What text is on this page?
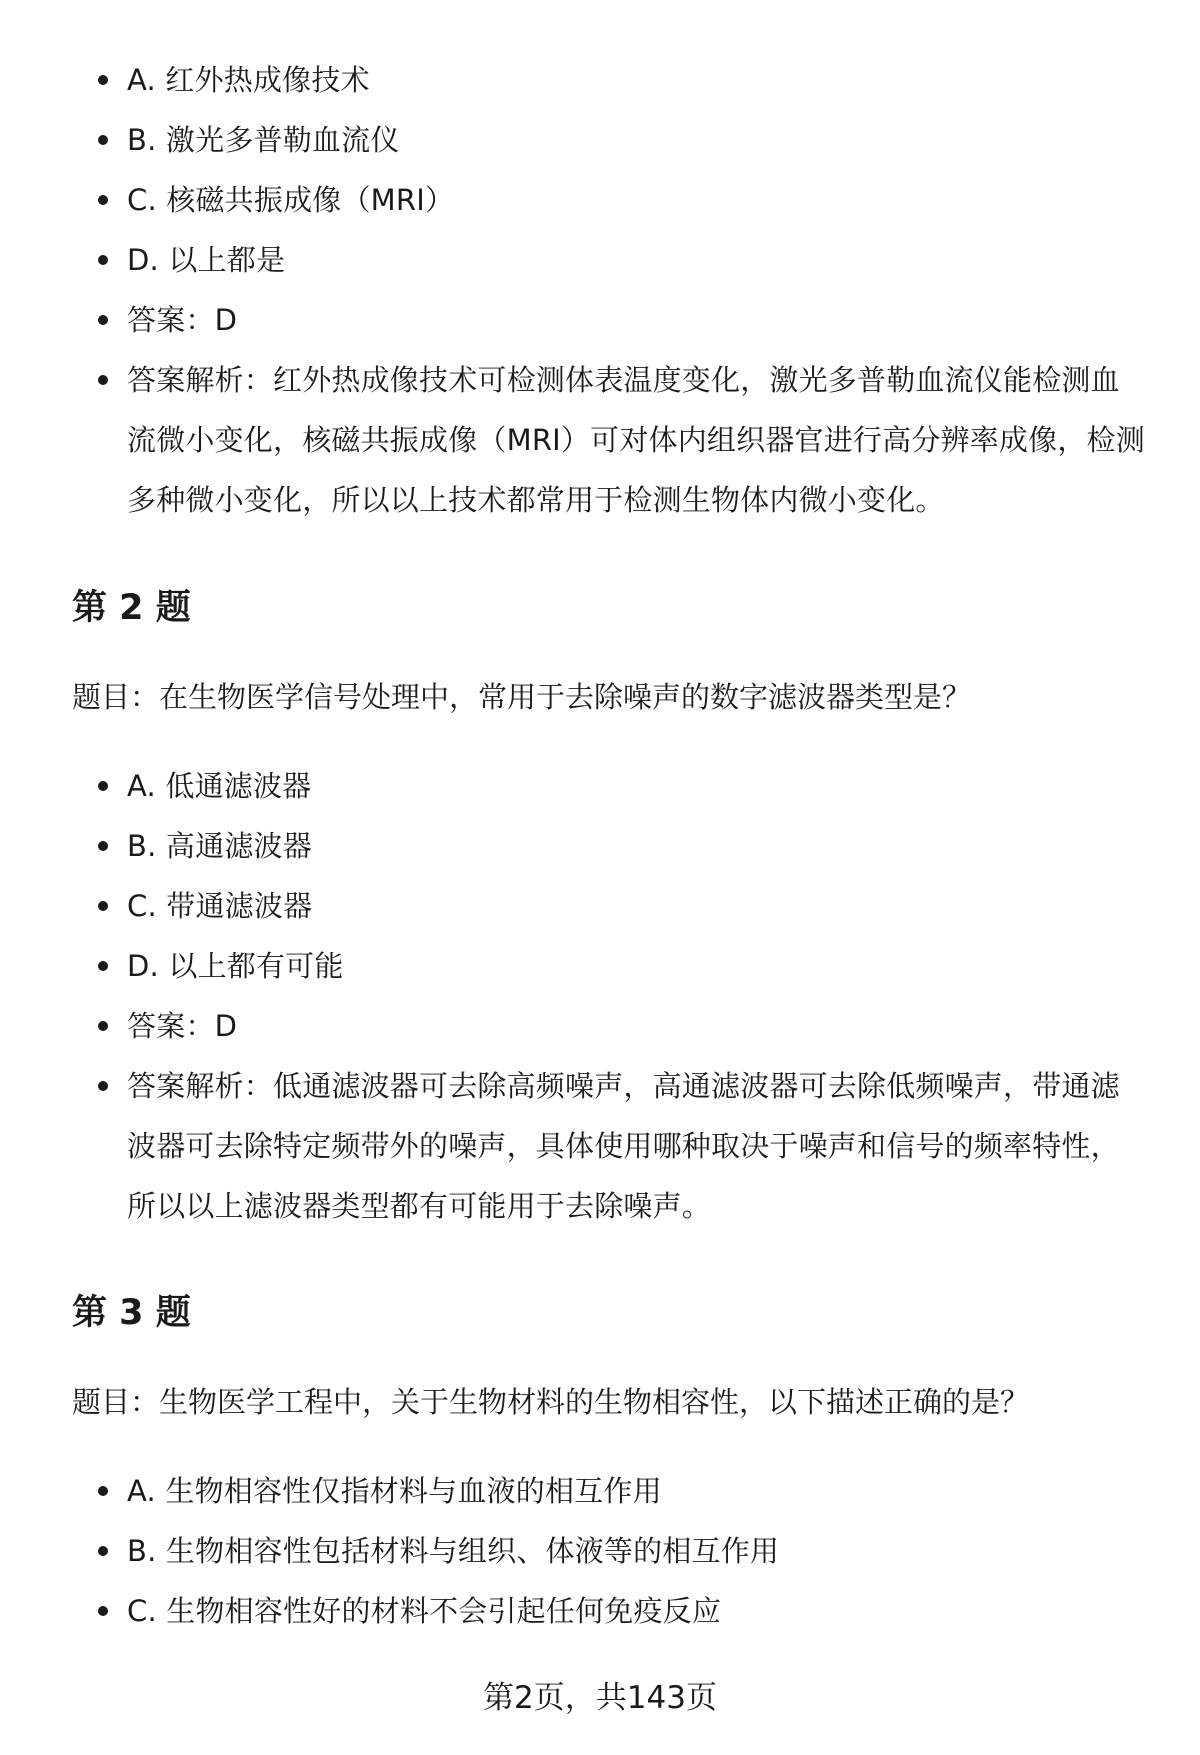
A. 红外热成像技术
B. 激光多普勒血流仪
C. 核磁共振成像（MRI）
D. 以上都是
答案：D
答案解析：红外热成像技术可检测体表温度变化，激光多普勒血流仪能检测血流微小变化，核磁共振成像（MRI）可对体内组织器官进行高分辨率成像，检测多种微小变化，所以以上技术都常用于检测生物体内微小变化。
第 2 题

题目：在生物医学信号处理中，常用于去除噪声的数字滤波器类型是？

A. 低通滤波器
B. 高通滤波器
C. 带通滤波器
D. 以上都有可能
答案：D
答案解析：低通滤波器可去除高频噪声，高通滤波器可去除低频噪声，带通滤波器可去除特定频带外的噪声，具体使用哪种取决于噪声和信号的频率特性，所以以上滤波器类型都有可能用于去除噪声。
第 3 题

题目：生物医学工程中，关于生物材料的生物相容性，以下描述正确的是？

A. 生物相容性仅指材料与血液的相互作用
B. 生物相容性包括材料与组织、体液等的相互作用
C. 生物相容性好的材料不会引起任何免疫反应
第2页，共143页
